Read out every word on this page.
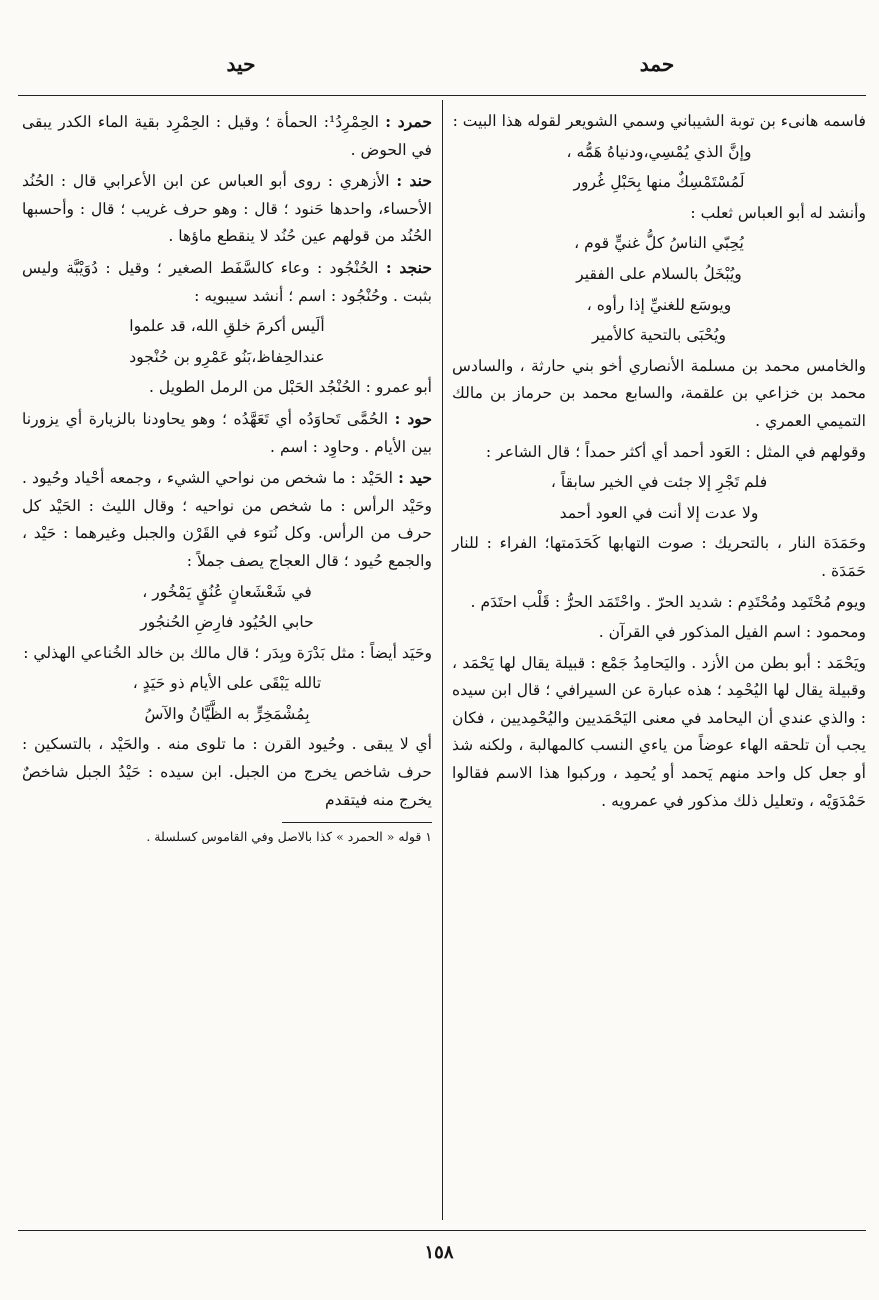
حمد
حيد

فاسمه هانىء بن توبة الشيباني وسمي الشويعر لقوله هذا البيت :

وإنَّ الذي يُمْسِي،ودنياهُ هَمُّه ،

لَمُسْتَمْسِكٌ منها بِحَبْلِ غُرور

وأنشد له أبو العباس ثعلب :

يُحِبّي الناسُ كلُّ غنيٍّ قوم ،

ويُبْخَلُ بالسلام على الفقير

ويوسَع للغنيِّ إذا رأوه ،

ويُحْبَى بالتحية كالأمير

والخامس محمد بن مسلمة الأنصاري أخو بني حارثة ، والسادس محمد بن خزاعي بن علقمة، والسابع محمد بن حرماز بن مالك التميمي العمري .

وقولهم في المثل : العَود أحمد أي أكثر حمداً ؛ قال الشاعر :

فلم تَجْرِ إلا جئت في الخير سابقاً ،

ولا عدت إلا أنت في العود أحمد

وحَمَدَة النار ، بالتحريك : صوت التهابها كَحَدَمتها؛ الفراء : للنار حَمَدَة .

ويوم مُحْتَمِد ومُحْتَدِم : شديد الحرّ . واحْتَمَد الحرُّ : قَلْب احتَدَم .

ومحمود : اسم الفيل المذكور في القرآن .

ويَحْمَد : أبو بطن من الأزد . واليَحامِدُ جَمْع : قبيلة يقال لها يَحْمَد ، وقبيلة يقال لها اليُحْمِد ؛ هذه عبارة عن السيرافي ؛ قال ابن سيده : والذي عندي أن اليحامد في معنى اليَحْمَديين واليُحْمِديين ، فكان يجب أن تلحقه الهاء عوضاً من ياءي النسب كالمهالبة ، ولكنه شذ أو جعل كل واحد منهم يَحمد أو يُحمِد ، وركبوا هذا الاسم فقالوا حَمْدَوَيْه ، وتعليل ذلك مذكور في عمرويه .

حمرد : الحِمْرِدُ¹: الحمأة ؛ وقيل : الحِمْرِد بقية الماء الكدر يبقى في الحوض .

حند : الأزهري : روى أبو العباس عن ابن الأعرابي قال : الحُنُد الأحساء، واحدها حَنود ؛ قال : وهو حرف غريب ؛ قال : وأحسبها الحُنُد من قولهم عين حُنُد لا ينقطع ماؤها .

حنجد : الحُنْجُود : وعاء كالسَّفَط الصغير ؛ وقيل : دُوَيْبَّة وليس بثبت . وحُنْجُود : اسم ؛ أنشد سيبويه :

ألَيس أكرمَ خلقِ الله، قد علموا

عندالحِفاظ،بَنُو عَمْرِو بن حُنْجود

أبو عمرو : الحُنْجُد الحَبْل من الرمل الطويل .

حود : الحُمَّى تَحاوَدُه أي تَعَهَّدُه ؛ وهو يحاودنا بالزيارة أي يزورنا بين الأيام . وحاوِد : اسم .

حيد : الحَيْد : ما شخص من نواحي الشيء ، وجمعه أحْياد وحُيود . وحَيْد الرأس : ما شخص من نواحيه ؛ وقال الليث : الحَيْد كل حرف من الرأس. وكل نُتوء في القَرْن والجبل وغيرهما : حَيْد ، والجمع حُيود ؛ قال العجاج يصف جملاً :

في شَعْشَعانٍ عُنُقٍ يَمْخُور ،

حابي الحُيُود فارِضِ الحُنجُور

وحَيَد أيضاً : مثل بَدْرَة وبِدَر ؛ قال مالك بن خالد الخُناعي الهذلي :

تالله يَبْقَى على الأيام ذو حَيَدٍ ،

بِمُشْمَخِرٍّ به الظَّيَّانُ والآسُ

أي لا يبقى . وحُيود القرن : ما تلوى منه . والحَيْد ، بالتسكين : حرف شاخص يخرج من الجبل. ابن سيده : حَيْدُ الجبل شاخصٌ يخرج منه فيتقدم

١ قوله « الحمرد » كذا بالاصل وفي القاموس كسلسلة .

١٥٨
